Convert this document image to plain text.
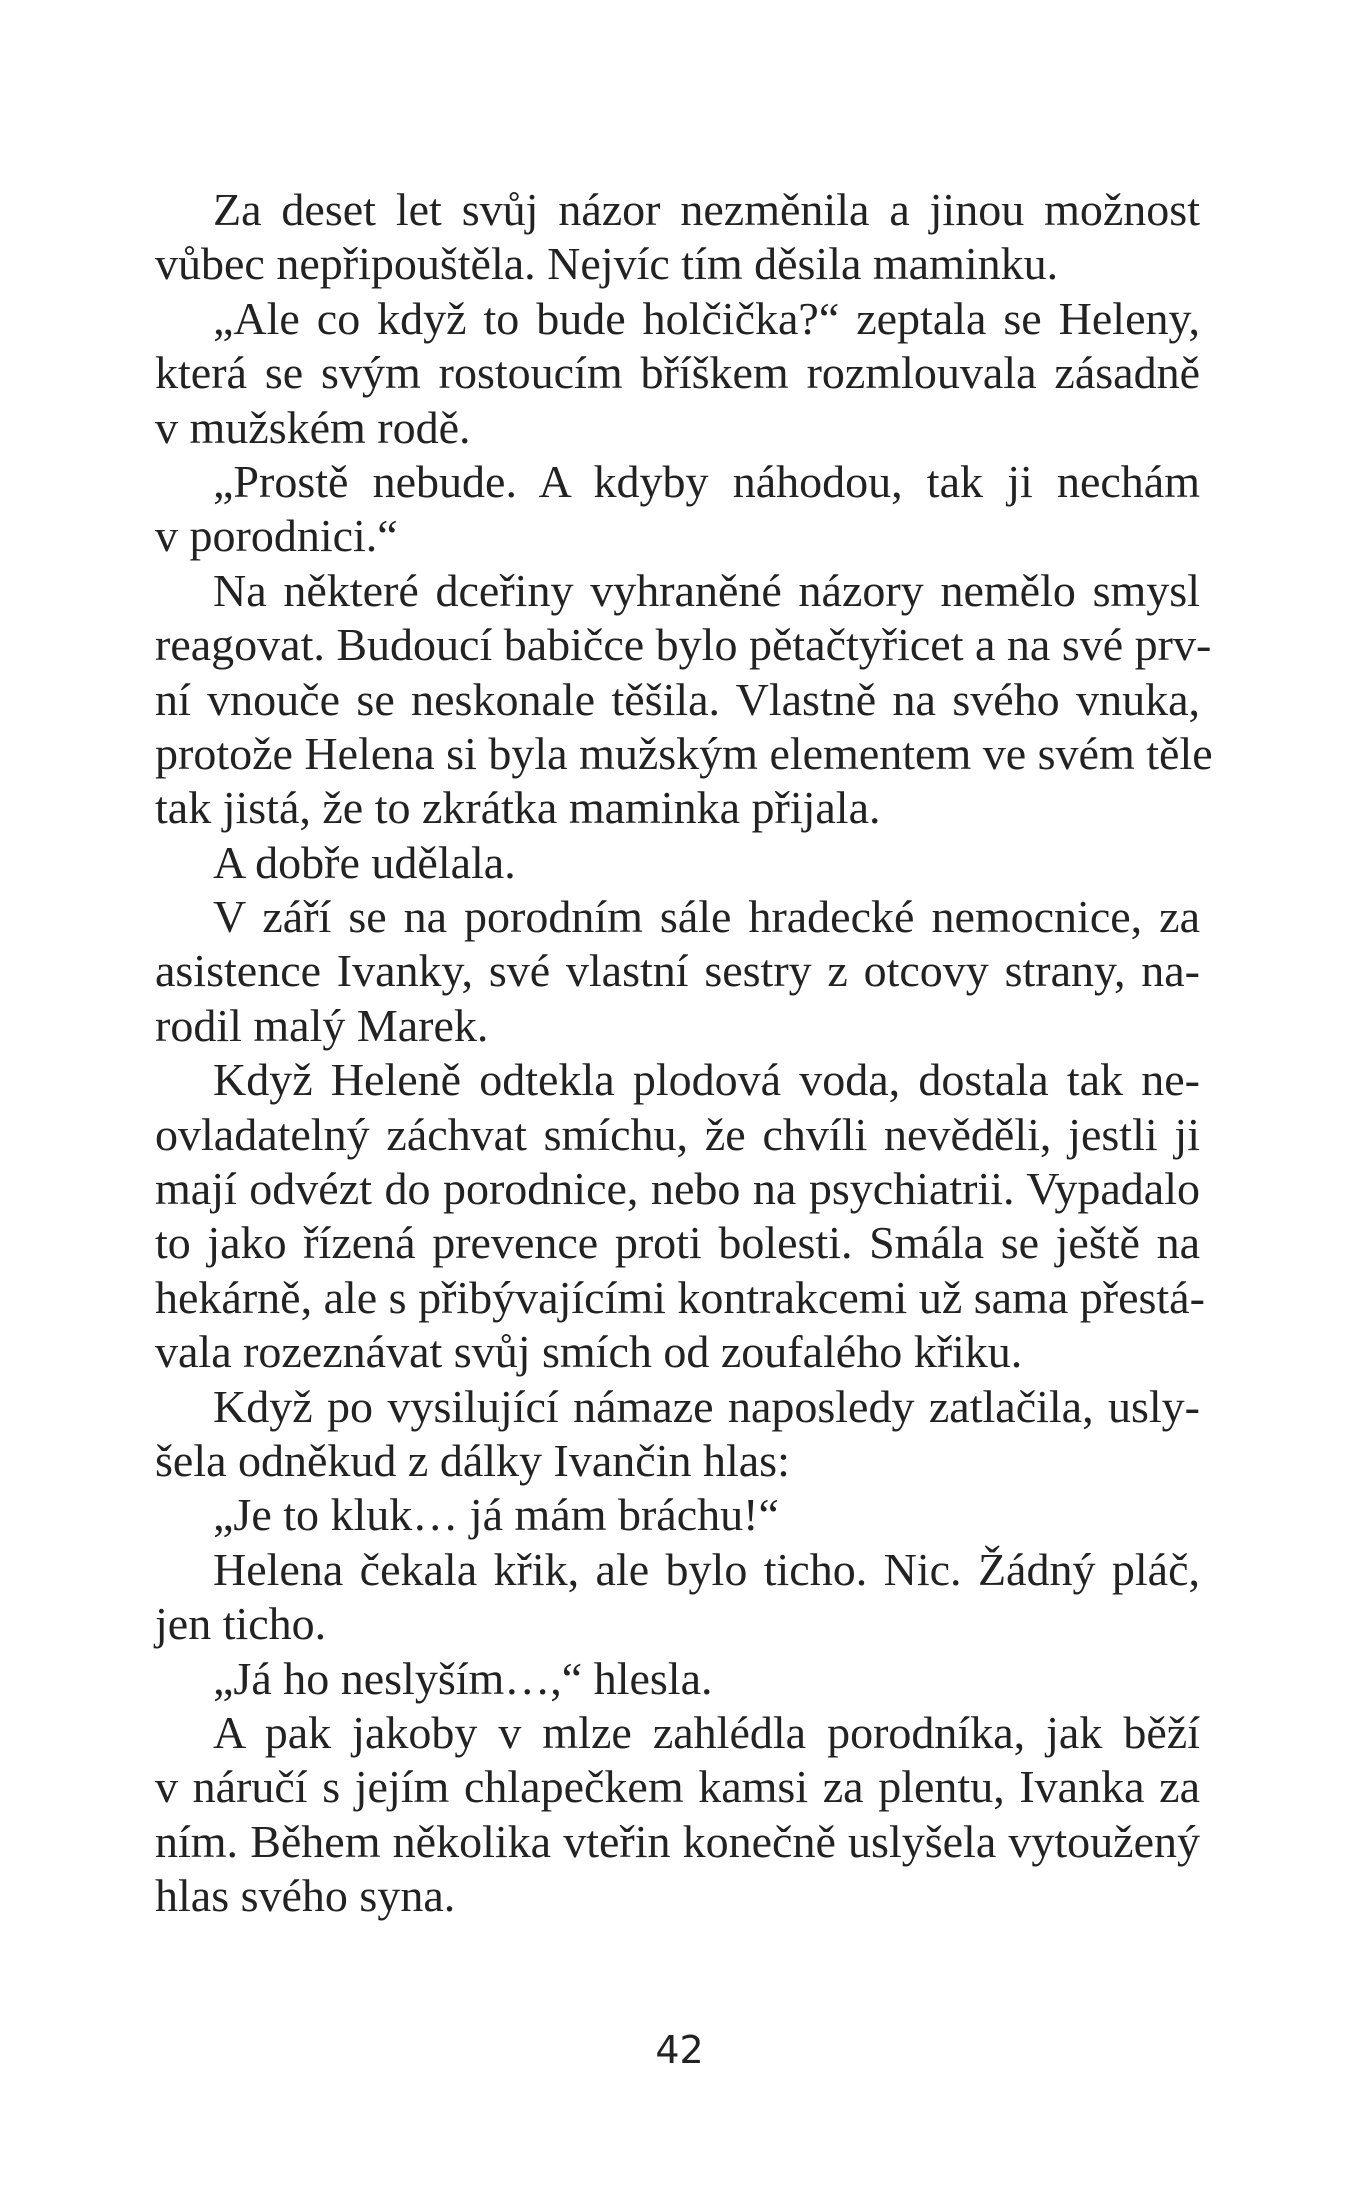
Za deset let svůj názor nezměnila a jinou možnost
vůbec nepřipouštěla. Nejvíc tím děsila maminku.
„Ale co když to bude holčička?“ zeptala se Heleny,
která se svým rostoucím bříškem rozmlouvala zásadně
v mužském rodě.
„Prostě nebude. A kdyby náhodou, tak ji nechám
v porodnici.“
Na některé dceřiny vyhraněné názory nemělo smysl
reagovat. Budoucí babičce bylo pětačtyřicet a na své prv-
ní vnouče se neskonale těšila. Vlastně na svého vnuka,
protože Helena si byla mužským elementem ve svém těle
tak jistá, že to zkrátka maminka přijala.
A dobře udělala.
V září se na porodním sále hradecké nemocnice, za
asistence Ivanky, své vlastní sestry z otcovy strany, na-
rodil malý Marek.
Když Heleně odtekla plodová voda, dostala tak ne-
ovladatelný záchvat smíchu, že chvíli nevěděli, jestli ji
mají odvézt do porodnice, nebo na psychiatrii. Vypadalo
to jako řízená prevence proti bolesti. Smála se ještě na
hekárně, ale s přibývajícími kontrakcemi už sama přestá-
vala rozeznávat svůj smích od zoufalého křiku.
Když po vysilující námaze naposledy zatlačila, usly-
šela odněkud z dálky Ivančin hlas:
„Je to kluk… já mám bráchu!“
Helena čekala křik, ale bylo ticho. Nic. Žádný pláč,
jen ticho.
„Já ho neslyším…,“ hlesla.
A pak jakoby v mlze zahlédla porodníka, jak běží
v náručí s jejím chlapečkem kamsi za plentu, Ivanka za
ním. Během několika vteřin konečně uslyšela vytoužený
hlas svého syna.
42
